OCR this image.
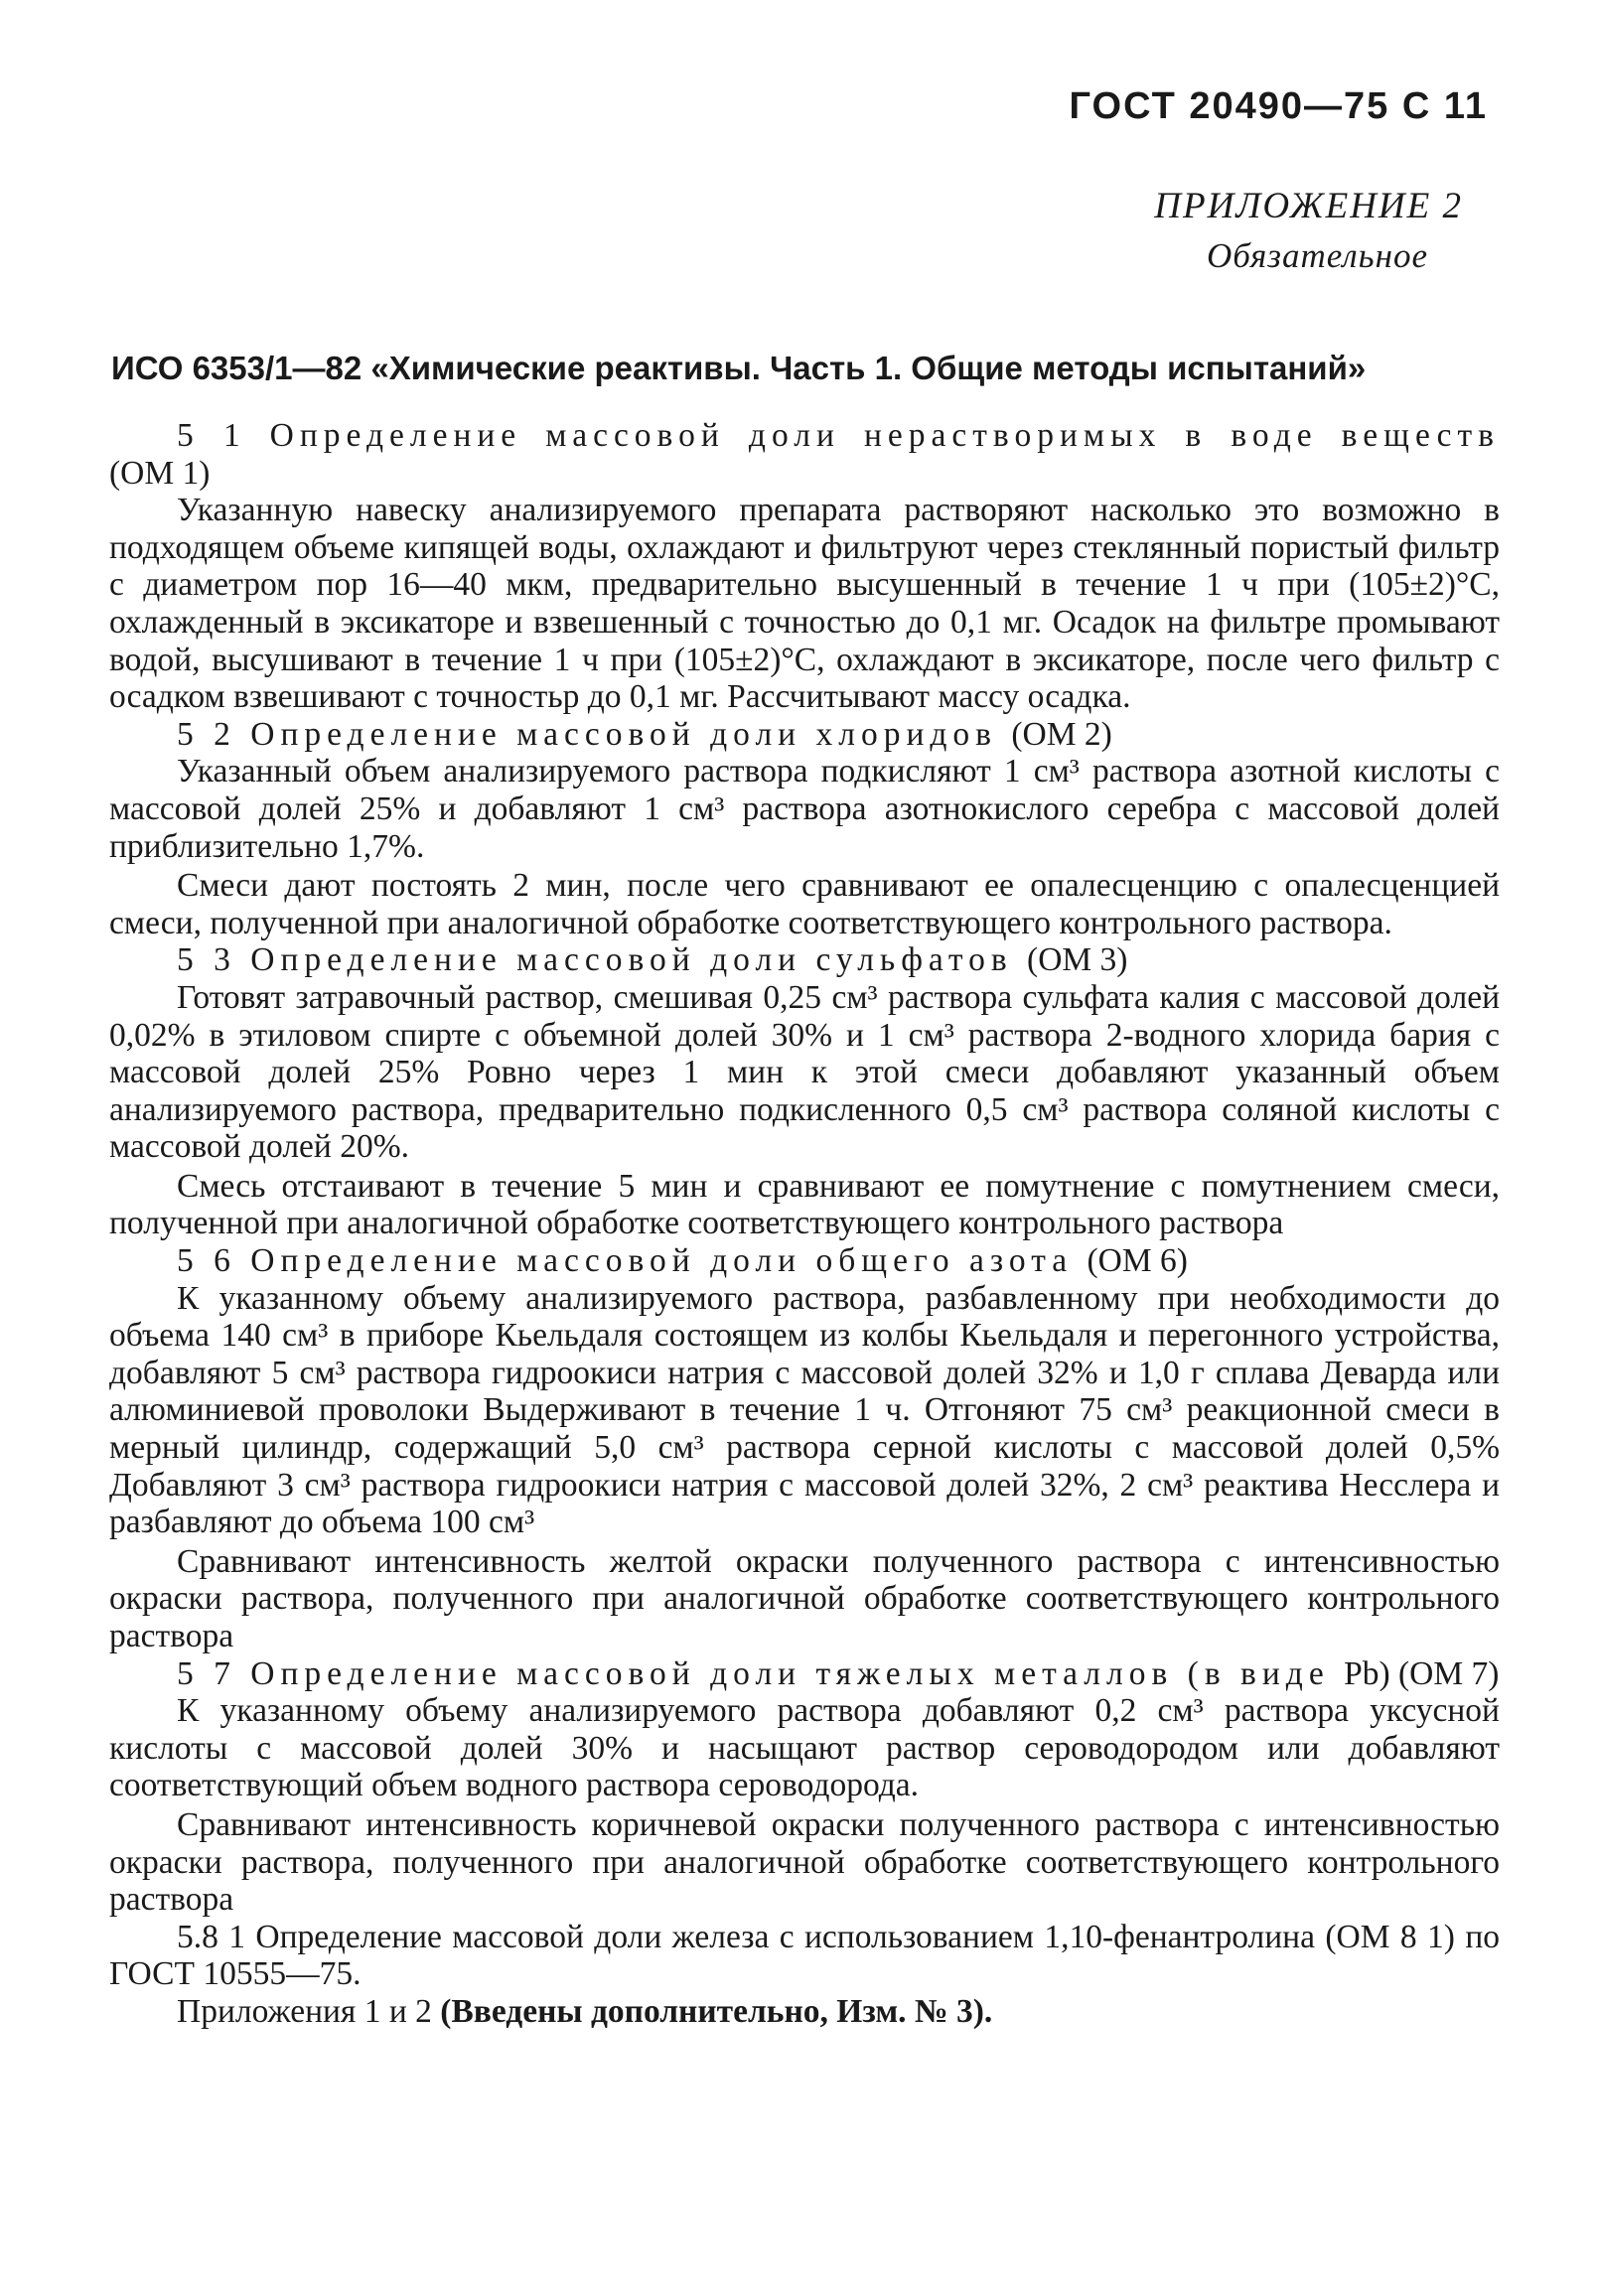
ГОСТ 20490—75 С 11
ПРИЛОЖЕНИЕ 2
Обязательное
ИСО 6353/1—82 «Химические реактивы. Часть 1. Общие методы испытаний»

5 1 Определение массовой доли нерастворимых в воде веществ (ОМ 1)

Указанную навеску анализируемого препарата растворяют насколько это возможно в подходящем объеме кипящей воды, охлаждают и фильтруют через стеклянный пористый фильтр с диаметром пор 16—40 мкм, предварительно высушенный в течение 1 ч при (105±2)°С, охлажденный в эксикаторе и взвешенный с точностью до 0,1 мг. Осадок на фильтре промывают водой, высушивают в течение 1 ч при (105±2)°С, охлаждают в эксикаторе, после чего фильтр с осадком взвешивают с точностьр до 0,1 мг. Рассчитывают массу осадка.

5 2 Определение массовой доли хлоридов (ОМ 2)

Указанный объем анализируемого раствора подкисляют 1 см³ раствора азотной кислоты с массовой долей 25% и добавляют 1 см³ раствора азотнокислого серебра с массовой долей приблизительно 1,7%.

Смеси дают постоять 2 мин, после чего сравнивают ее опалесценцию с опалесценцией смеси, полученной при аналогичной обработке соответствующего контрольного раствора.

5 3 Определение массовой доли сульфатов (ОМ 3)

Готовят затравочный раствор, смешивая 0,25 см³ раствора сульфата калия с массовой долей 0,02% в этиловом спирте с объемной долей 30% и 1 см³ раствора 2-водного хлорида бария с массовой долей 25% Ровно через 1 мин к этой смеси добавляют указанный объем анализируемого раствора, предварительно подкисленного 0,5 см³ раствора соляной кислоты с массовой долей 20%.

Смесь отстаивают в течение 5 мин и сравнивают ее помутнение с помутнением смеси, полученной при аналогичной обработке соответствующего контрольного раствора

5 6 Определение массовой доли общего азота (ОМ 6)

К указанному объему анализируемого раствора, разбавленному при необходимости до объема 140 см³ в приборе Кьельдаля состоящем из колбы Кьельдаля и перегонного устройства, добавляют 5 см³ раствора гидроокиси натрия с массовой долей 32% и 1,0 г сплава Деварда или алюминиевой проволоки Выдерживают в течение 1 ч. Отгоняют 75 см³ реакционной смеси в мерный цилиндр, содержащий 5,0 см³ раствора серной кислоты с массовой долей 0,5% Добавляют 3 см³ раствора гидроокиси натрия с массовой долей 32%, 2 см³ реактива Несслера и разбавляют до объема 100 см³

Сравнивают интенсивность желтой окраски полученного раствора с интенсивностью окраски раствора, полученного при аналогичной обработке соответствующего контрольного раствора

5 7 Определение массовой доли тяжелых металлов (в виде Pb) (ОМ 7)

К указанному объему анализируемого раствора добавляют 0,2 см³ раствора уксусной кислоты с массовой долей 30% и насыщают раствор сероводородом или добавляют соответствующий объем водного раствора сероводорода.

Сравнивают интенсивность коричневой окраски полученного раствора с интенсивностью окраски раствора, полученного при аналогичной обработке соответствующего контрольного раствора

5.8 1 Определение массовой доли железа с использованием 1,10-фенантролина (ОМ 8 1) по ГОСТ 10555—75.

Приложения 1 и 2 (Введены дополнительно, Изм. № 3).
